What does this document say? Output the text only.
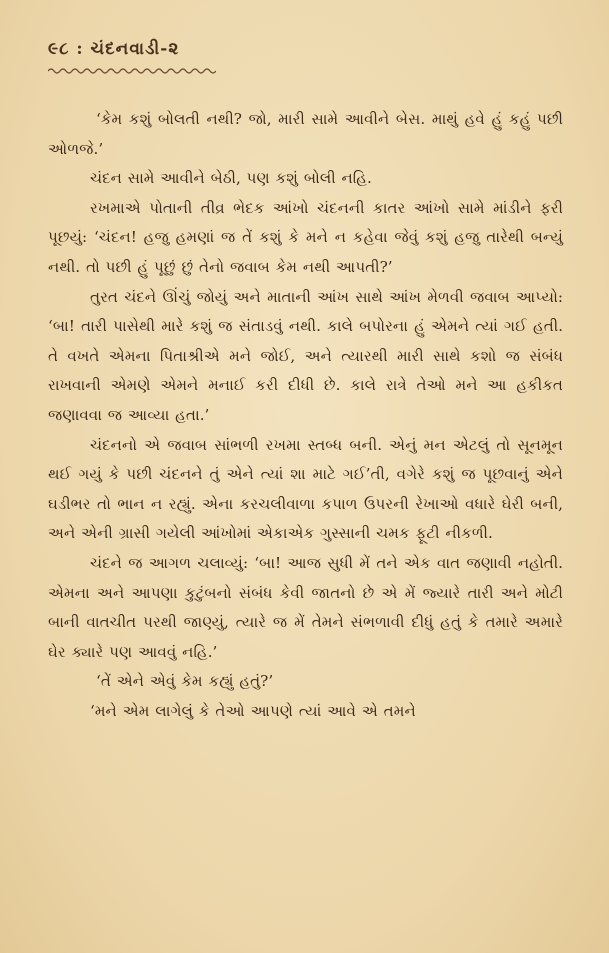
૯૮ : ચંદનવાડી-૨

‘કેમ કશું બોલતી નથી? જો, મારી સામે આવીને બેસ. માથું હવે હું કહું પછી ઓળજે.’

ચંદન સામે આવીને બેઠી, પણ કશું બોલી નહિ.

રખમાએ પોતાની તીવ્ર ભેદક આંખો ચંદનની કાતર આંખો સામે માંડીને ફરી પૂછયું: ‘ચંદન! હજુ હમણાં જ તેં કશું કે મને ન કહેવા જેવું કશું હજુ તારેથી બન્યું નથી. તો પછી હું પૂછું છું તેનો જવાબ કેમ નથી આપતી?’

તુરત ચંદને ઊંચું જોયું અને માતાની આંખ સાથે આંખ મેળવી જવાબ આપ્યો: ‘બા! તારી પાસેથી મારે કશું જ સંતાડવું નથી. કાલે બપોરના હું એમને ત્યાં ગઈ હતી. તે વખતે એમના પિતાશ્રીએ મને જોઈ, અને ત્યારથી મારી સાથે કશો જ સંબંધ રાખવાની એમણે એમને મનાઈ કરી દીધી છે. કાલે રાત્રે તેઓ મને આ હકીકત જણાવવા જ આવ્યા હતા.’

ચંદનનો એ જવાબ સાંભળી રખમા સ્તબ્ધ બની. એનું મન એટલું તો સૂનમૂન થઈ ગયું કે પછી ચંદનને તું એને ત્યાં શા માટે ગઈ’તી, વગેરે કશું જ પૂછવાનું એને ઘડીભર તો ભાન ન રહ્યું. એના કરચલીવાળા કપાળ ઉપરની રેખાઓ વધારે ઘેરી બની, અને એની ગ્રાસી ગયેલી આંખોમાં એકાએક ગુસ્સાની ચમક ફૂટી નીકળી.

ચંદને જ આગળ ચલાવ્યું: ‘બા! આજ સુધી મેં તને એક વાત જણાવી નહોતી. એમના અને આપણા કુટુંબનો સંબંધ કેવી જાતનો છે એ મેં જ્યારે તારી અને મોટી બાની વાતચીત પરથી જાણ્યું, ત્યારે જ મેં તેમને સંભળાવી દીધું હતું કે તમારે અમારે ઘેર ક્યારે પણ આવવું નહિ.’

‘તેં એને એવું કેમ કહ્યું હતું?’

‘મને એમ લાગેલું કે તેઓ આપણે ત્યાં આવે એ તમને
